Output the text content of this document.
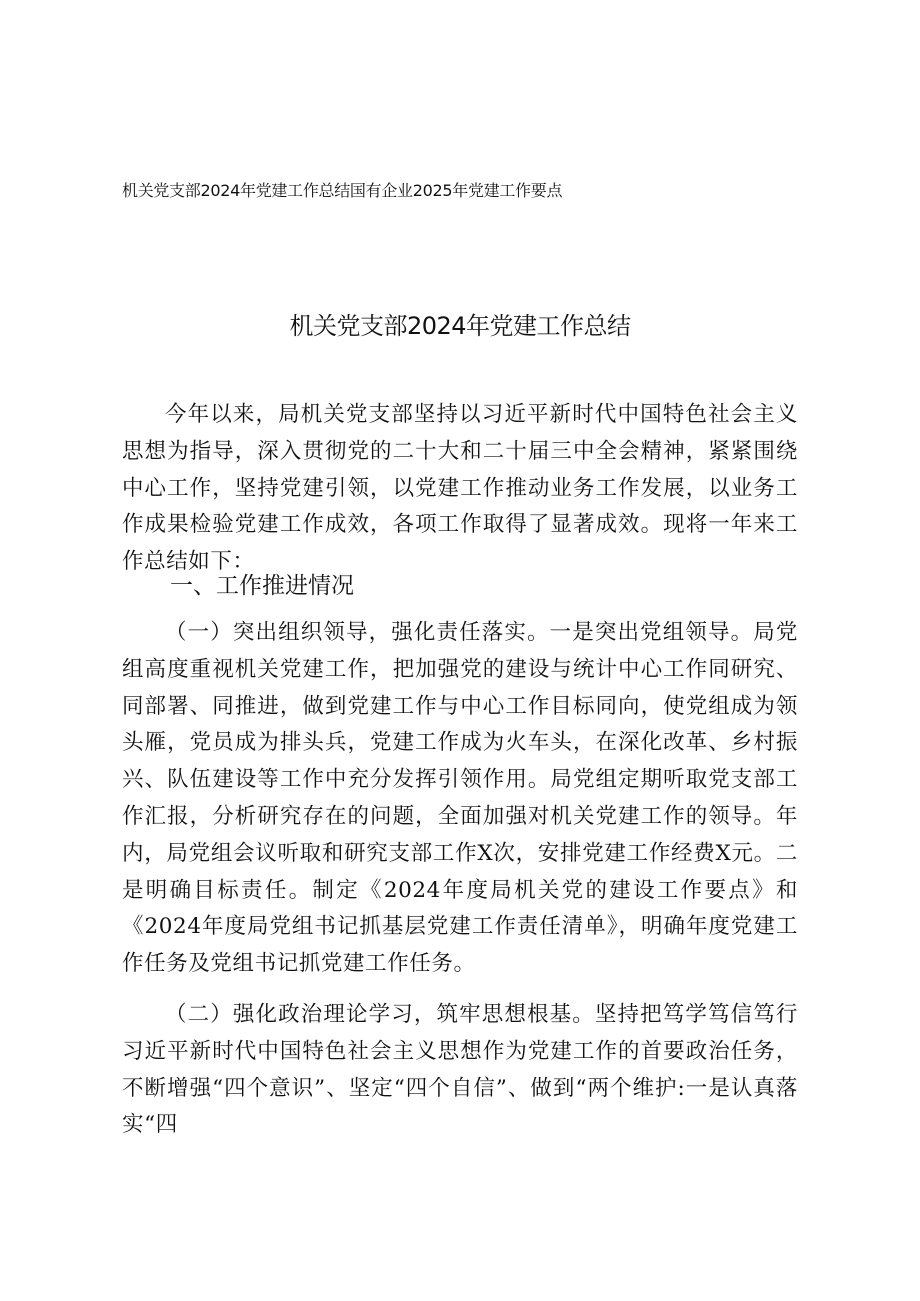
机关党支部2024年党建工作总结国有企业2025年党建工作要点
机关党支部2024年党建工作总结

今年以来，局机关党支部坚持以习近平新时代中国特色社会主义思想为指导，深入贯彻党的二十大和二十届三中全会精神，紧紧围绕中心工作，坚持党建引领，以党建工作推动业务工作发展，以业务工作成果检验党建工作成效，各项工作取得了显著成效。现将一年来工作总结如下：

一、工作推进情况

（一）突出组织领导，强化责任落实。一是突出党组领导。局党组高度重视机关党建工作，把加强党的建设与统计中心工作同研究、同部署、同推进，做到党建工作与中心工作目标同向，使党组成为领头雁，党员成为排头兵，党建工作成为火车头，在深化改革、乡村振兴、队伍建设等工作中充分发挥引领作用。局党组定期听取党支部工作汇报，分析研究存在的问题，全面加强对机关党建工作的领导。年内，局党组会议听取和研究支部工作X次，安排党建工作经费X元。二是明确目标责任。制定《2024年度局机关党的建设工作要点》和《2024年度局党组书记抓基层党建工作责任清单》，明确年度党建工作任务及党组书记抓党建工作任务。

（二）强化政治理论学习，筑牢思想根基。坚持把笃学笃信笃行习近平新时代中国特色社会主义思想作为党建工作的首要政治任务，不断增强“四个意识”、坚定“四个自信”、做到“两个维护:一是认真落实“四
